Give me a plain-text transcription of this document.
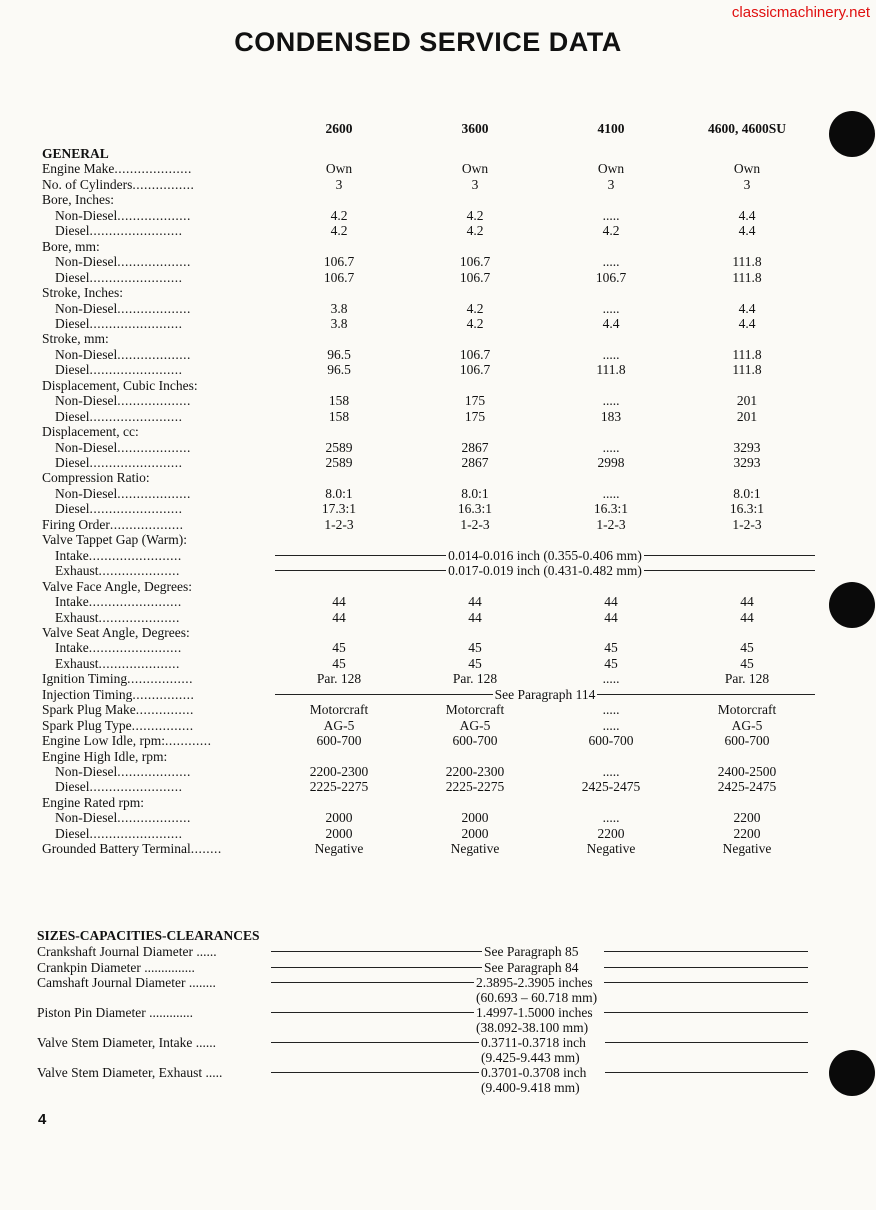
classicmachinery.net
CONDENSED SERVICE DATA
2600	3600	4100	4600, 4600SU
GENERAL
Engine Make....................	Own	Own	Own	Own
No. of Cylinders................	3	3	3	3
Bore, Inches:
Non-Diesel...................	4.2	4.2	.....	4.4
Diesel........................	4.2	4.2	4.2	4.4
Bore, mm:
Non-Diesel...................	106.7	106.7	.....	111.8
Diesel........................	106.7	106.7	106.7	111.8
Stroke, Inches:
Non-Diesel...................	3.8	4.2	.....	4.4
Diesel........................	3.8	4.2	4.4	4.4
Stroke, mm:
Non-Diesel...................	96.5	106.7	.....	111.8
Diesel........................	96.5	106.7	111.8	111.8
Displacement, Cubic Inches:
Non-Diesel...................	158	175	.....	201
Diesel........................	158	175	183	201
Displacement, cc:
Non-Diesel...................	2589	2867	.....	3293
Diesel........................	2589	2867	2998	3293
Compression Ratio:
Non-Diesel...................	8.0:1	8.0:1	.....	8.0:1
Diesel........................	17.3:1	16.3:1	16.3:1	16.3:1
Firing Order...................	1-2-3	1-2-3	1-2-3	1-2-3
Valve Tappet Gap (Warm):
Intake........................	0.014-0.016 inch (0.355-0.406 mm)
Exhaust.....................	0.017-0.019 inch (0.431-0.482 mm)
Valve Face Angle, Degrees:
Intake........................	44	44	44	44
Exhaust.....................	44	44	44	44
Valve Seat Angle, Degrees:
Intake........................	45	45	45	45
Exhaust.....................	45	45	45	45
Ignition Timing.................	Par. 128	Par. 128	.....	Par. 128
Injection Timing................	See Paragraph 114
Spark Plug Make...............	Motorcraft	Motorcraft	.....	Motorcraft
Spark Plug Type................	AG-5	AG-5	.....	AG-5
Engine Low Idle, rpm:............	600-700	600-700	600-700	600-700
Engine High Idle, rpm:
Non-Diesel...................	2200-2300	2200-2300	.....	2400-2500
Diesel........................	2225-2275	2225-2275	2425-2475	2425-2475
Engine Rated rpm:
Non-Diesel...................	2000	2000	.....	2200
Diesel........................	2000	2000	2200	2200
Grounded Battery Terminal........	Negative	Negative	Negative	Negative
SIZES-CAPACITIES-CLEARANCES
Crankshaft Journal Diameter ......	See Paragraph 85
Crankpin Diameter ...............	See Paragraph 84
Camshaft Journal Diameter ........	2.3895-2.3905 inches
(60.693 – 60.718 mm)
Piston Pin Diameter .............	1.4997-1.5000 inches
(38.092-38.100 mm)
Valve Stem Diameter, Intake ......	0.3711-0.3718 inch
(9.425-9.443 mm)
Valve Stem Diameter, Exhaust .....	0.3701-0.3708 inch
(9.400-9.418 mm)
4
